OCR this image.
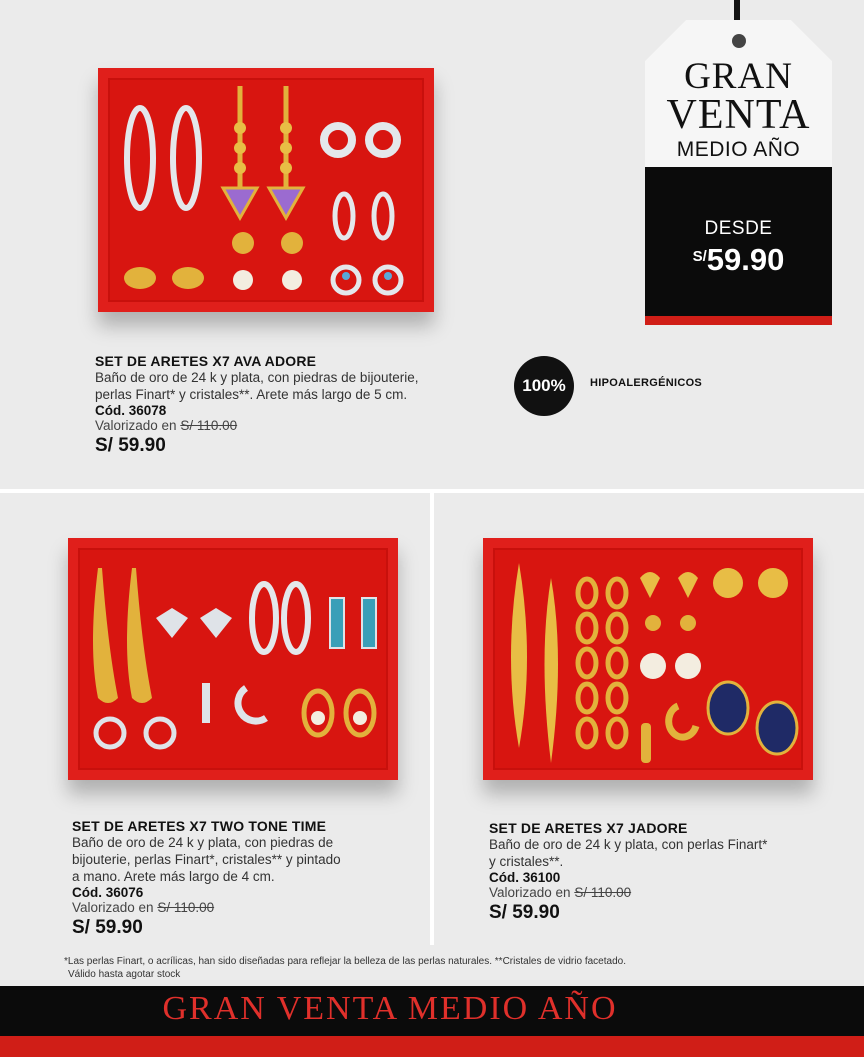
SET DE ARETES X7 AVA ADORE
Baño de oro de 24 k y plata, con piedras de bijouterie,
perlas Finart* y cristales**. Arete más largo de 5 cm.
Cód. 36078
Valorizado en S/ 110.00
S/ 59.90
100%	HIPOALERGÉNICOS
GRAN
VENTA
MEDIO AÑO
DESDE
S/59.90
SET DE ARETES X7 TWO TONE TIME
Baño de oro de 24 k y plata, con piedras de
bijouterie, perlas Finart*, cristales** y pintado
a mano. Arete más largo de 4 cm.
Cód. 36076
Valorizado en S/ 110.00
S/ 59.90
SET DE ARETES X7 JADORE
Baño de oro de 24 k y plata, con perlas Finart*
y cristales**.
Cód. 36100
Valorizado en S/ 110.00
S/ 59.90
*Las perlas Finart, o acrílicas, han sido diseñadas para reflejar la belleza de las perlas naturales. **Cristales de vidrio facetado.
Válido hasta agotar stock
GRAN VENTA MEDIO AÑO
